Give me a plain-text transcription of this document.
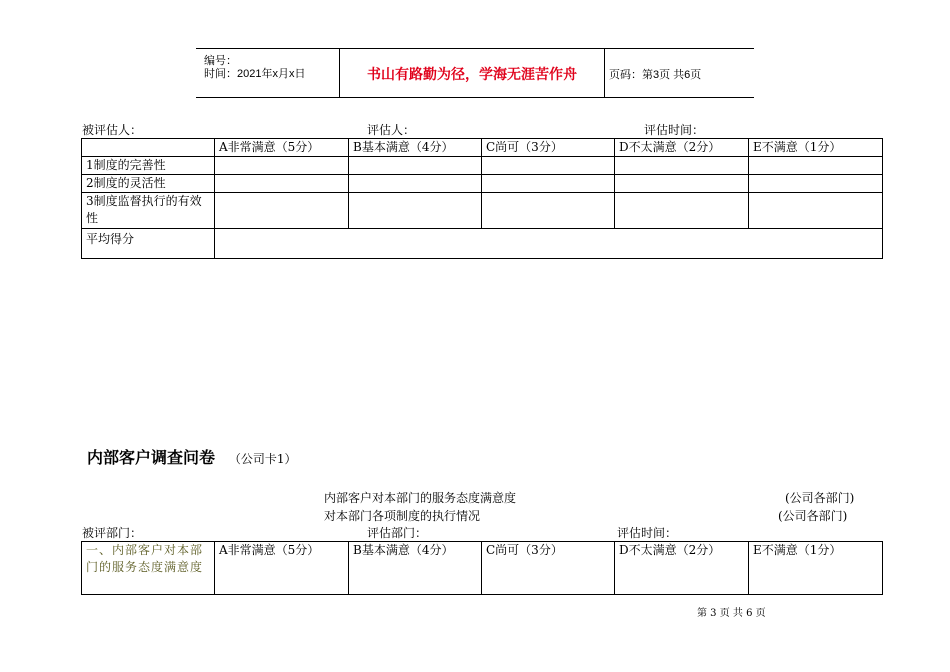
编号：
时间：2021年x月x日	书山有路勤为径，学海无涯苦作舟	页码：第3页 共6页
被评估人：	评估人：	评估时间：
	A非常满意（5分）	B基本满意（4分）	C尚可（3分）	D不太满意（2分）	E不满意（1分）
1制度的完善性					
2制度的灵活性					
3制度监督执行的有效性					
平均得分					
内部客户调查问卷 （公司卡1）
内部客户对本部门的服务态度满意度	(公司各部门)
对本部门各项制度的执行情况	(公司各部门)
被评部门：	评估部门：	评估时间：
一、内部客户对本部门的服务态度满意度	A非常满意（5分）	B基本满意（4分）	C尚可（3分）	D不太满意（2分）	E不满意（1分）
第 3 页 共 6 页
